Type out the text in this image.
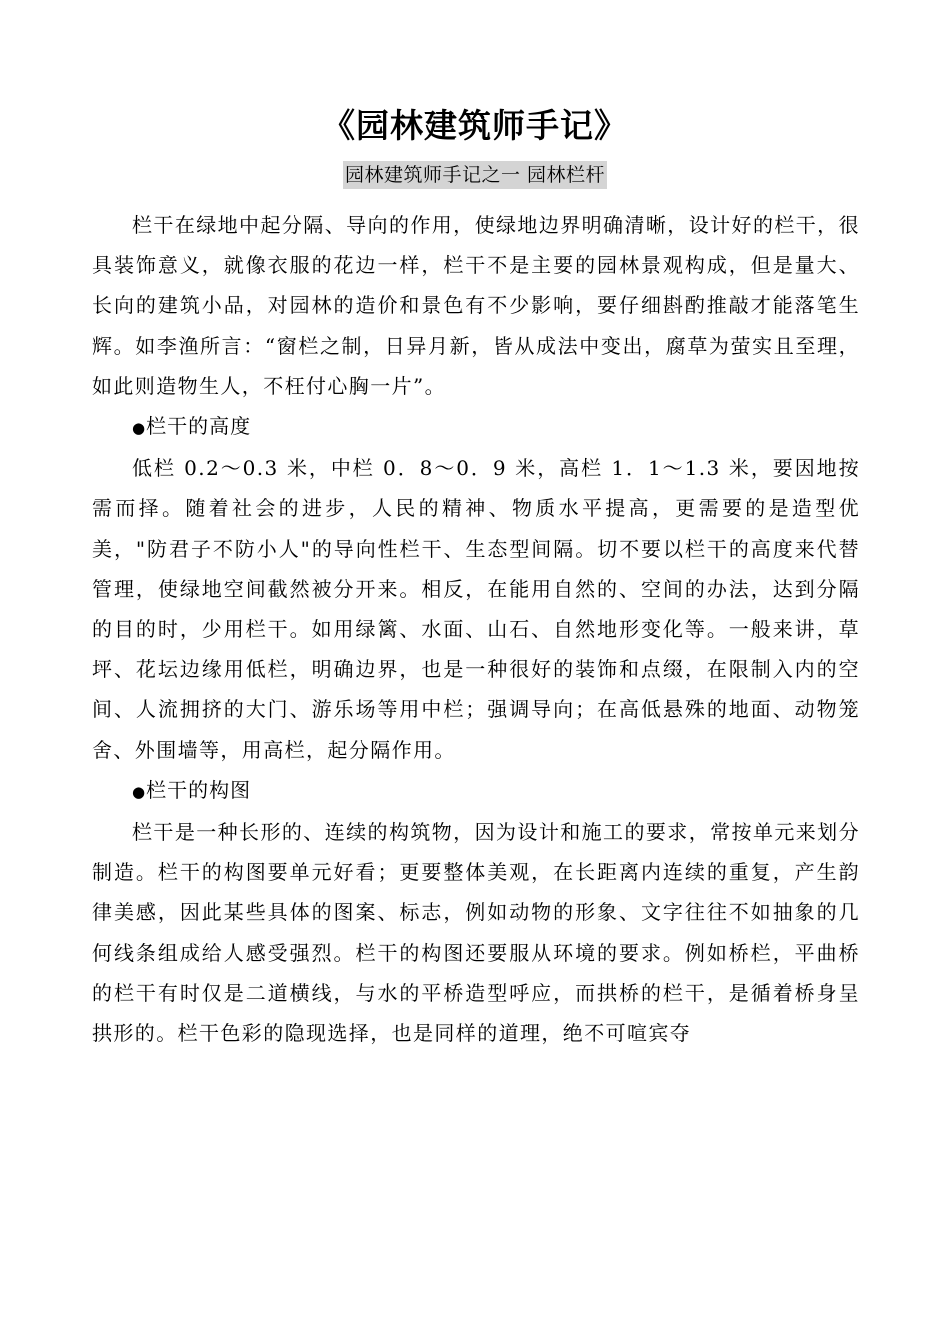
《园林建筑师手记》
园林建筑师手记之一 园林栏杆

栏干在绿地中起分隔、导向的作用，使绿地边界明确清晰，设计好的栏干，很具装饰意义，就像衣服的花边一样，栏干不是主要的园林景观构成，但是量大、长向的建筑小品，对园林的造价和景色有不少影响，要仔细斟酌推敲才能落笔生辉。如李渔所言：“窗栏之制，日异月新，皆从成法中变出，腐草为萤实且至理，如此则造物生人，不枉付心胸一片”。

●栏干的高度

低栏 0.2～0.3 米，中栏 0．8～0．9 米，高栏 1．1～1.3 米，要因地按需而择。随着社会的进步，人民的精神、物质水平提高，更需要的是造型优美，"防君子不防小人"的导向性栏干、生态型间隔。切不要以栏干的高度来代替管理，使绿地空间截然被分开来。相反，在能用自然的、空间的办法，达到分隔的目的时，少用栏干。如用绿篱、水面、山石、自然地形变化等。一般来讲，草坪、花坛边缘用低栏，明确边界，也是一种很好的装饰和点缀，在限制入内的空间、人流拥挤的大门、游乐场等用中栏；强调导向；在高低悬殊的地面、动物笼舍、外围墙等，用高栏，起分隔作用。

●栏干的构图

栏干是一种长形的、连续的构筑物，因为设计和施工的要求，常按单元来划分制造。栏干的构图要单元好看；更要整体美观，在长距离内连续的重复，产生韵律美感，因此某些具体的图案、标志，例如动物的形象、文字往往不如抽象的几何线条组成给人感受强烈。栏干的构图还要服从环境的要求。例如桥栏，平曲桥的栏干有时仅是二道横线，与水的平桥造型呼应，而拱桥的栏干，是循着桥身呈拱形的。栏干色彩的隐现选择，也是同样的道理，绝不可喧宾夺
